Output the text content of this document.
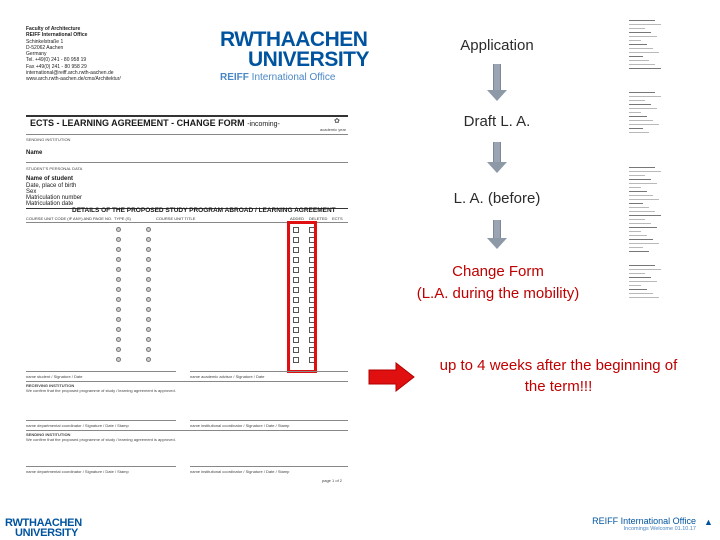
Faculty of Architecture
REIFF International Office
Schinkelstraße 1
D-52062 Aachen
Germany
Tel. +49(0) 241 - 80 958 19
Fax +49(0) 241 - 80 958 29
international@reiff.arch.rwth-aachen.de
www.arch.rwth-aachen.de/cms/Architektur/
RWTHAACHEN
UNIVERSITY
REIFF International Office
ECTS - LEARNING AGREEMENT - CHANGE FORM -incoming-	✿
academic year
SENDING INSTITUTION
Name
STUDENT'S PERSONAL DATA
Name of student
Date, place of birth
Sex
Matriculation number
Matriculation date
DETAILS OF THE PROPOSED STUDY PROGRAM ABROAD / LEARNING AGREEMENT
COURSE UNIT CODE (IF ANY) AND PAGE NO. TYPE (S)	COURSE UNIT TITLE	ADDED DELETED ECTS
name student / Signature / Date	name academic advisor / Signature / Date
RECEIVING INSTITUTION
We confirm that the proposed programme of study / learning agreement is approved.
name departmental coordinator / Signature / Date / Stamp	name institutional coordinator / Signature / Date / Stamp
SENDING INSTITUTION
We confirm that the proposed programme of study / learning agreement is approved.
name departmental coordinator / Signature / Date / Stamp	name institutional coordinator / Signature / Date / Stamp
page 1 of 2
Application
Draft L. A.
L. A. (before)
Change Form
(L.A. during the mobility)
up to 4 weeks after the beginning of
the term!!!
RWTHAACHEN
UNIVERSITY
REIFF International Office
Incomings Welcome 01.10.17
▲
